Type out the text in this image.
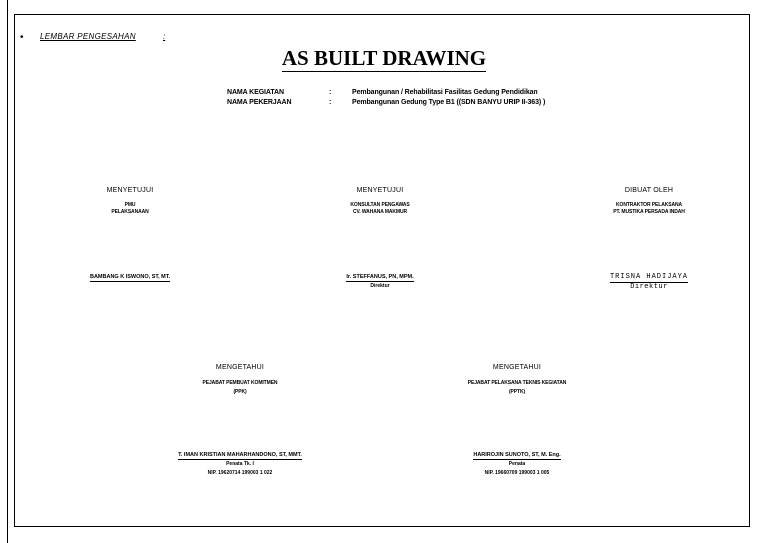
• LEMBAR PENGESAHAN	:
AS BUILT DRAWING
NAMA KEGIATAN	:	Pembangunan / Rehabilitasi Fasilitas Gedung Pendidikan
NAMA PEKERJAAN	:	Pembangunan Gedung Type B1 ((SDN BANYU URIP II-363) )
MENYETUJUI
PMU
PELAKSANAAN
BAMBANG K ISWONO, ST, MT.
MENYETUJUI
KONSULTAN PENGAWAS
CV. WAHANA MAKMUR
Ir. STEFFANUS, PN, MPM.
Direktur
DIBUAT OLEH
KONTRAKTOR PELAKSANA
PT. MUSTIKA PERSADA INDAH
TRISNA HADIJAYA
Direktur
MENGETAHUI
PEJABAT PEMBUAT KOMITMEN
(PPK)
T. IMAN KRISTIAN MAHARHANDONO, ST, MMT.
Penata Tk. I
NIP. 19620714 199003 1 022
MENGETAHUI
PEJABAT PELAKSANA TEKNIS KEGIATAN
(PPTK)
HARIROJIN SUNOTO, ST, M. Eng.
Penata
NIP. 19660709 199003 1 005
